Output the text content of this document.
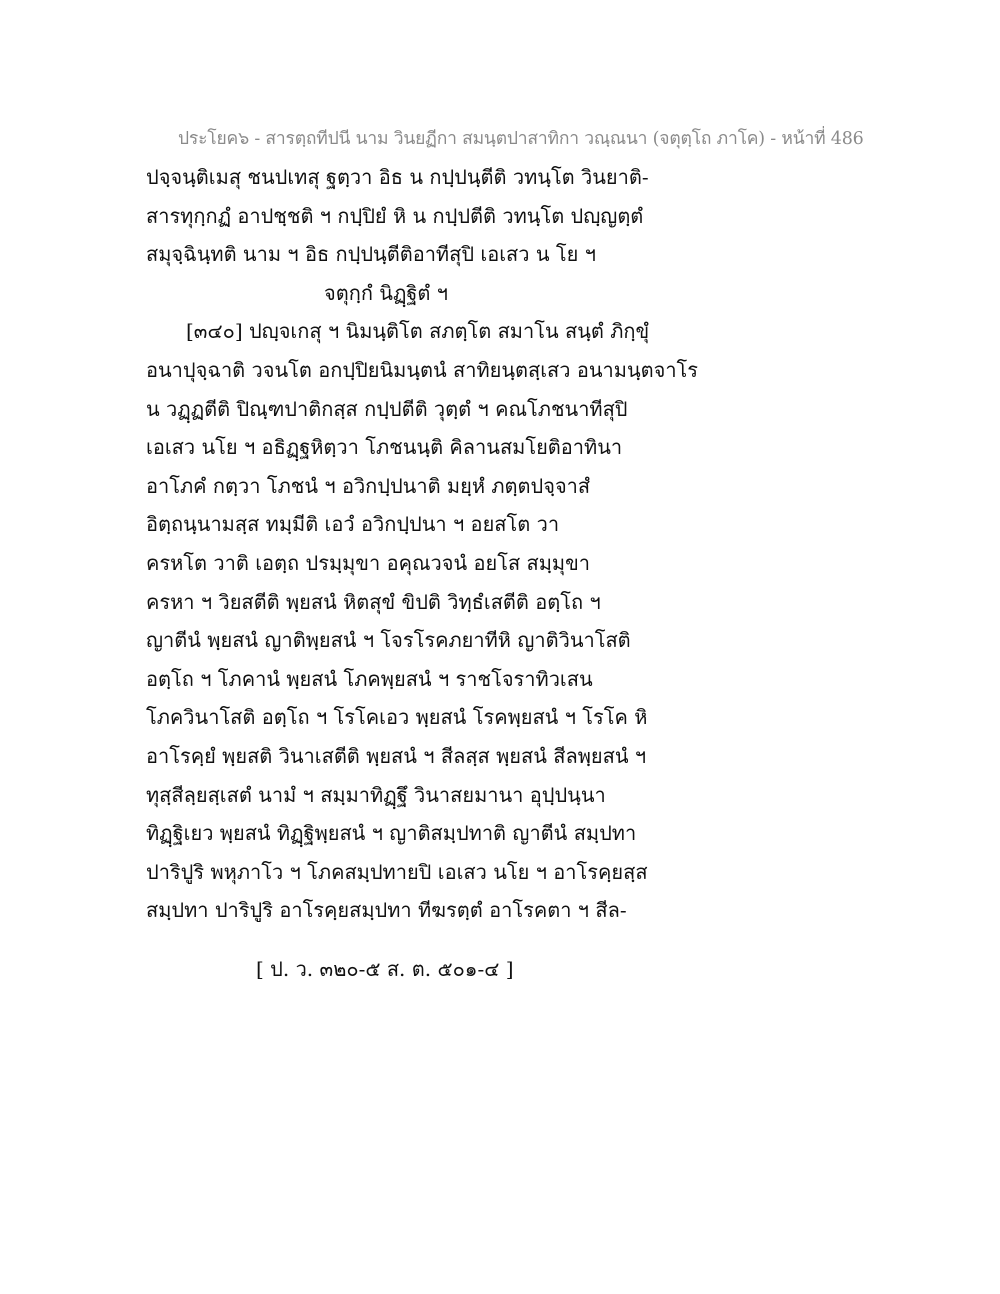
ประโยค๖ - สารตฺถทีปนี นาม วินยฏีกา สมนฺตปาสาทิกา วณฺณนา (จตุตฺโถ ภาโค) - หน้าที่ 486
ปจฺจนฺติเมสุ ชนปเทสุ ฐตฺวา อิธ น กปฺปนฺตีติ วทนฺโต วินยาติ-
สารทุกฺกฏํ อาปชฺชติ ฯ กปฺปิยํ หิ น กปฺปตีติ วทนฺโต ปญฺญตฺตํ
สมุจฺฉินฺทติ นาม ฯ อิธ กปฺปนฺตีติอาทีสุปิ เอเสว น โย ฯ
จตุกฺกํ นิฏฺฐิตํ ฯ
[๓๔๐] ปญฺจเกสุ ฯ นิมนฺติโต สภตฺโต สมาโน สนฺตํ ภิกฺขุํ
อนาปุจฺฉาติ วจนโต อกปฺปิยนิมนฺตนํ สาทิยนฺตสฺเสว อนามนฺตจาโร
น วฏฺฏตีติ ปิณฺฑปาติกสฺส กปฺปตีติ วุตฺตํ ฯ คณโภชนาทีสุปิ
เอเสว นโย ฯ อธิฏฺฐหิตฺวา โภชนนฺติ คิลานสมโยติอาทินา
อาโภคํ กตฺวา โภชนํ ฯ อวิกปฺปนาติ มยฺหํ ภตฺตปจฺจาสํ
อิตฺถนฺนามสฺส ทมฺมีติ เอวํ อวิกปฺปนา ฯ อยสโต วา
ครหโต วาติ เอตฺถ ปรมฺมุขา อคุณวจนํ อยโส สมฺมุขา
ครหา ฯ วิยสตีติ พฺยสนํ หิตสุขํ ขิปติ วิทฺธํเสตีติ อตฺโถ ฯ
ญาตีนํ พฺยสนํ ญาติพฺยสนํ ฯ โจรโรคภยาทีหิ ญาติวินาโสติ
อตฺโถ ฯ โภคานํ พฺยสนํ โภคพฺยสนํ ฯ ราชโจราทิวเสน
โภควินาโสติ อตฺโถ ฯ โรโคเอว พฺยสนํ โรคพฺยสนํ ฯ โรโค หิ
อาโรคฺยํ พฺยสติ วินาเสตีติ พฺยสนํ ฯ สีลสฺส พฺยสนํ สีลพฺยสนํ ฯ
ทุสฺสีลฺยสฺเสตํ นามํ ฯ สมฺมาทิฏฺฐึ วินาสยมานา อุปฺปนฺนา
ทิฏฺฐิเยว พฺยสนํ ทิฏฺฐิพฺยสนํ ฯ ญาติสมฺปทาติ ญาตีนํ สมฺปทา
ปาริปูริ พหุภาโว ฯ โภคสมฺปทายปิ เอเสว นโย ฯ อาโรคฺยสฺส
สมฺปทา ปาริปูริ อาโรคฺยสมฺปทา ทีฆรตฺตํ อาโรคตา ฯ สีล-
[ ป. ว. ๓๒๐-๕ ส. ต. ๕๐๑-๔ ]
